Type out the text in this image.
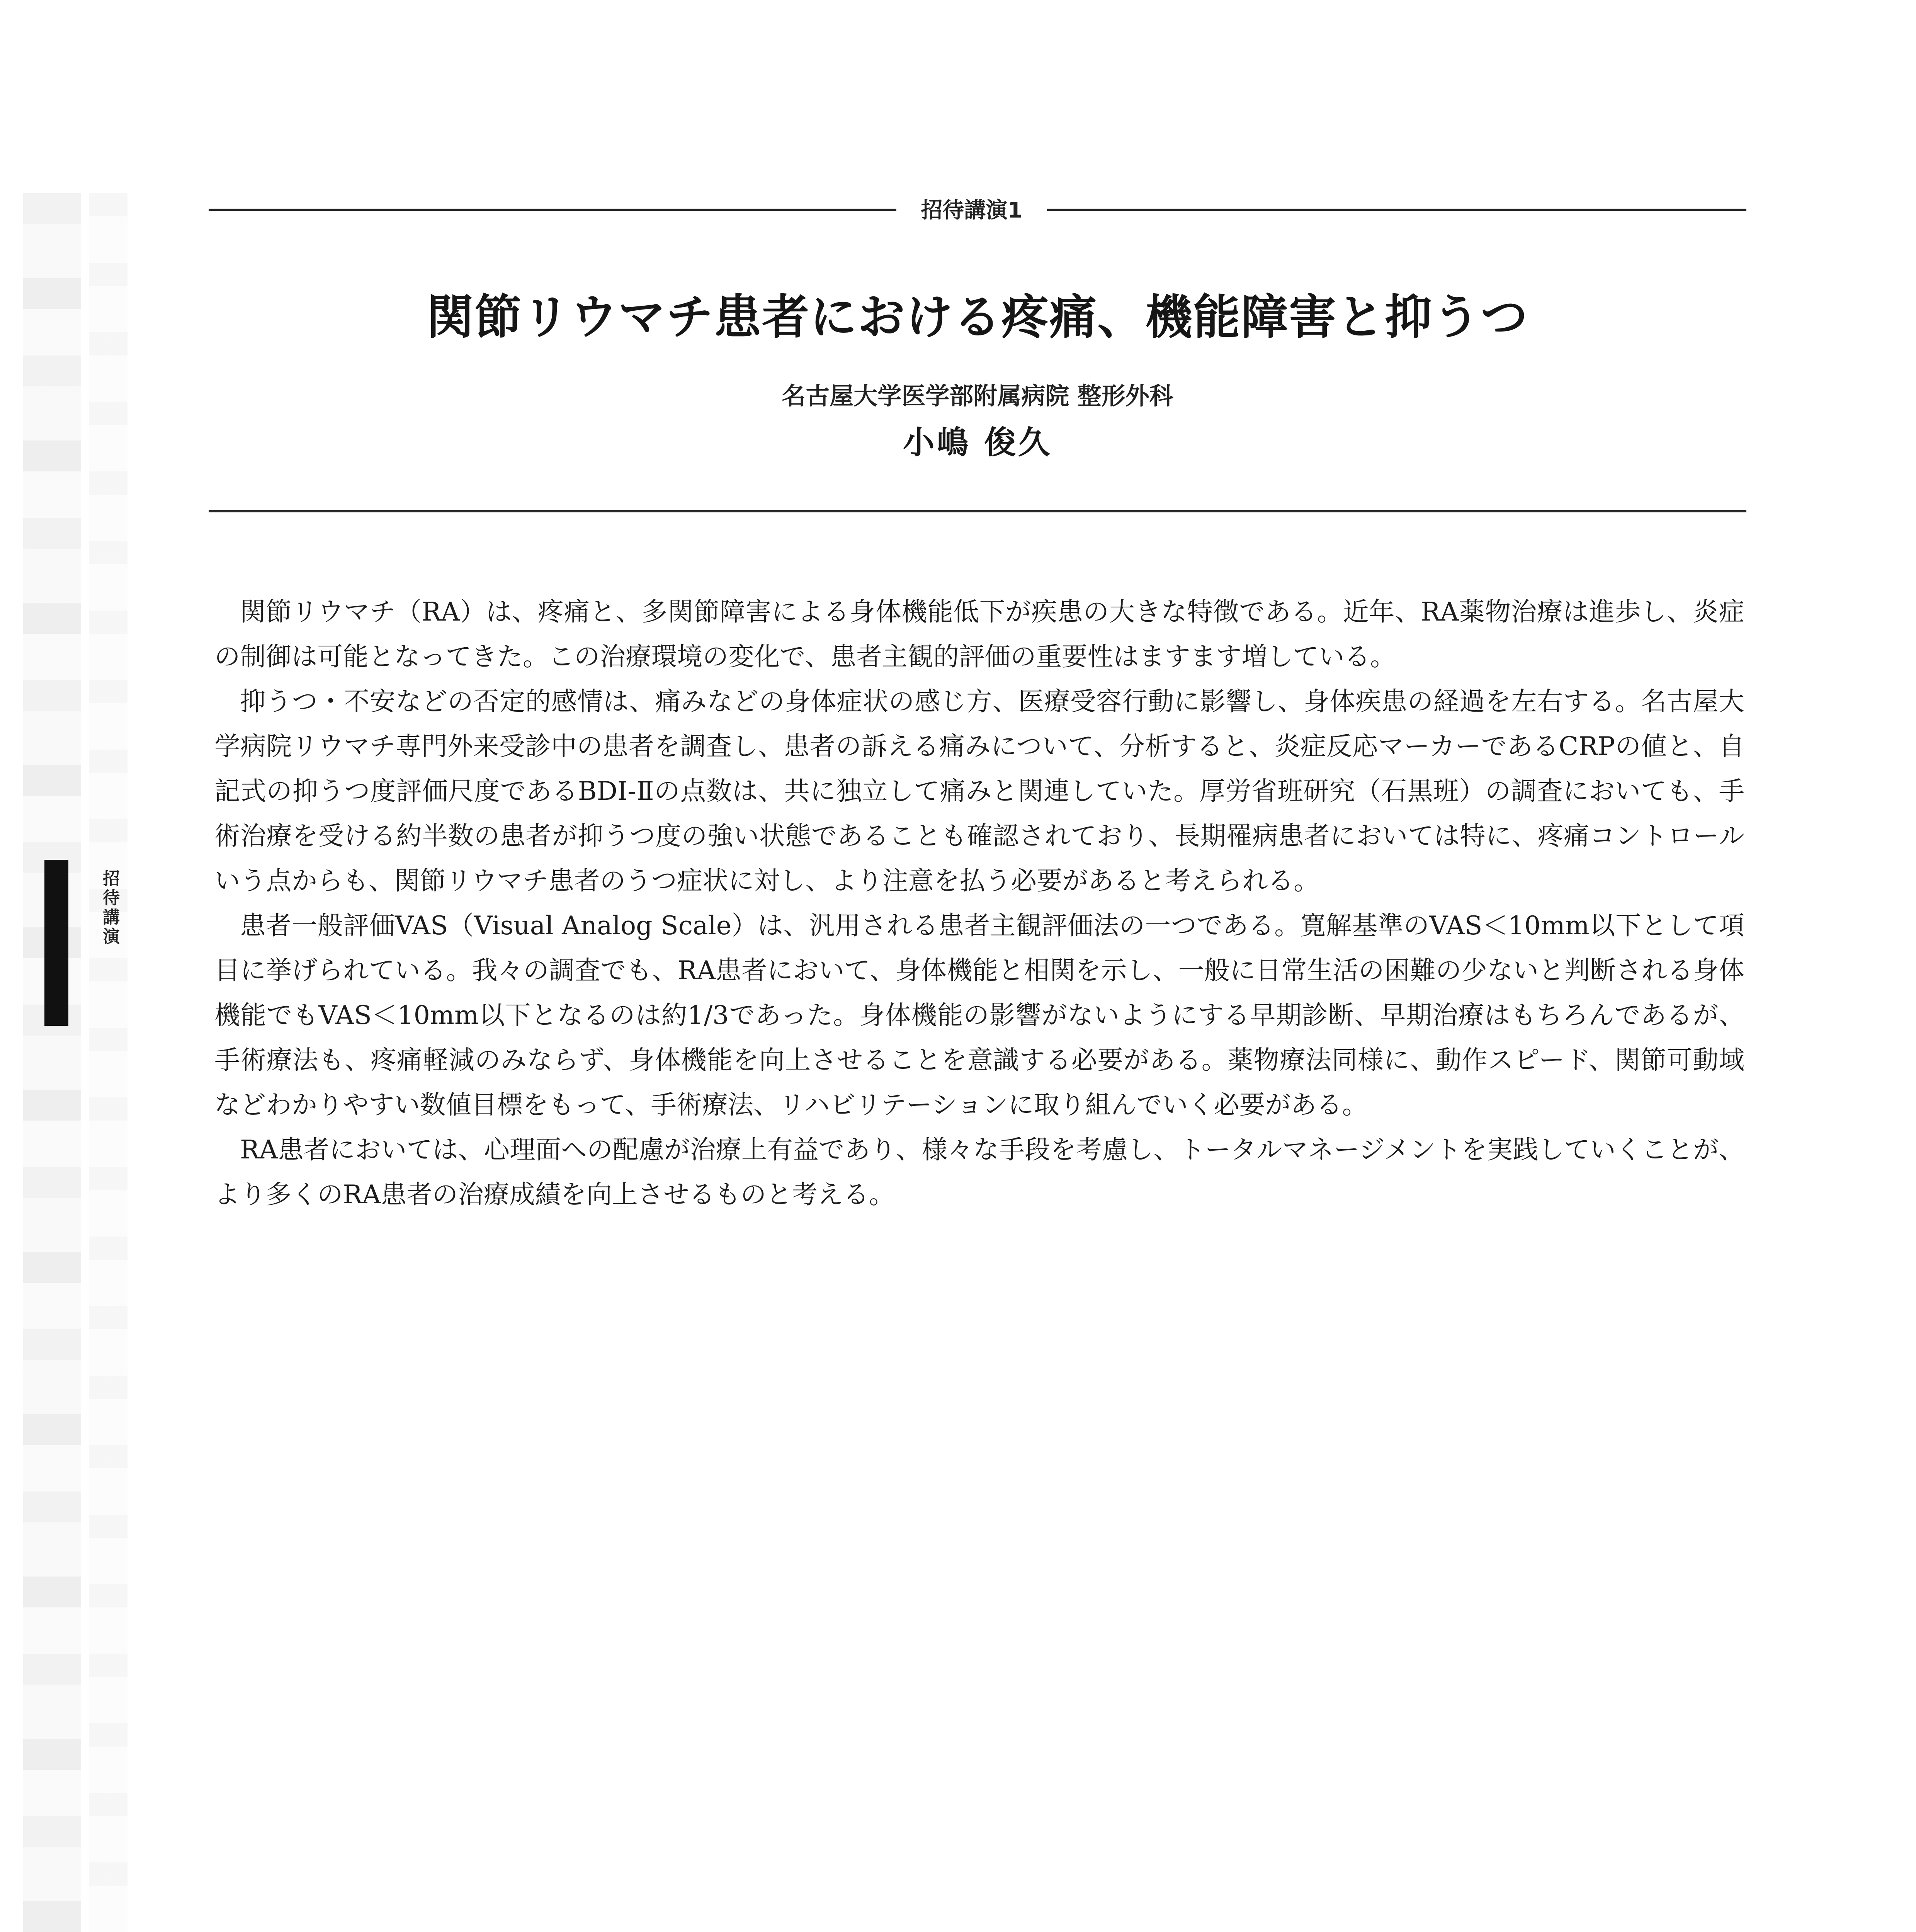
招待講演
招待講演1
関節リウマチ患者における疼痛、機能障害と抑うつ
名古屋大学医学部附属病院 整形外科
小嶋 俊久

関節リウマチ（RA）は、疼痛と、多関節障害による身体機能低下が疾患の大きな特徴である。近年、RA薬物治療は進歩し、炎症の制御は可能となってきた。この治療環境の変化で、患者主観的評価の重要性はますます増している。

抑うつ・不安などの否定的感情は、痛みなどの身体症状の感じ方、医療受容行動に影響し、身体疾患の経過を左右する。名古屋大学病院リウマチ専門外来受診中の患者を調査し、患者の訴える痛みについて、分析すると、炎症反応マーカーであるCRPの値と、自記式の抑うつ度評価尺度であるBDI-Ⅱの点数は、共に独立して痛みと関連していた。厚労省班研究（石黒班）の調査においても、手術治療を受ける約半数の患者が抑うつ度の強い状態であることも確認されており、長期罹病患者においては特に、疼痛コントロールいう点からも、関節リウマチ患者のうつ症状に対し、より注意を払う必要があると考えられる。

患者一般評価VAS（Visual Analog Scale）は、汎用される患者主観評価法の一つである。寛解基準のVAS＜10mm以下として項目に挙げられている。我々の調査でも、RA患者において、身体機能と相関を示し、一般に日常生活の困難の少ないと判断される身体機能でもVAS＜10mm以下となるのは約1/3であった。身体機能の影響がないようにする早期診断、早期治療はもちろんであるが、手術療法も、疼痛軽減のみならず、身体機能を向上させることを意識する必要がある。薬物療法同様に、動作スピード、関節可動域などわかりやすい数値目標をもって、手術療法、リハビリテーションに取り組んでいく必要がある。

RA患者においては、心理面への配慮が治療上有益であり、様々な手段を考慮し、トータルマネージメントを実践していくことが、より多くのRA患者の治療成績を向上させるものと考える。
